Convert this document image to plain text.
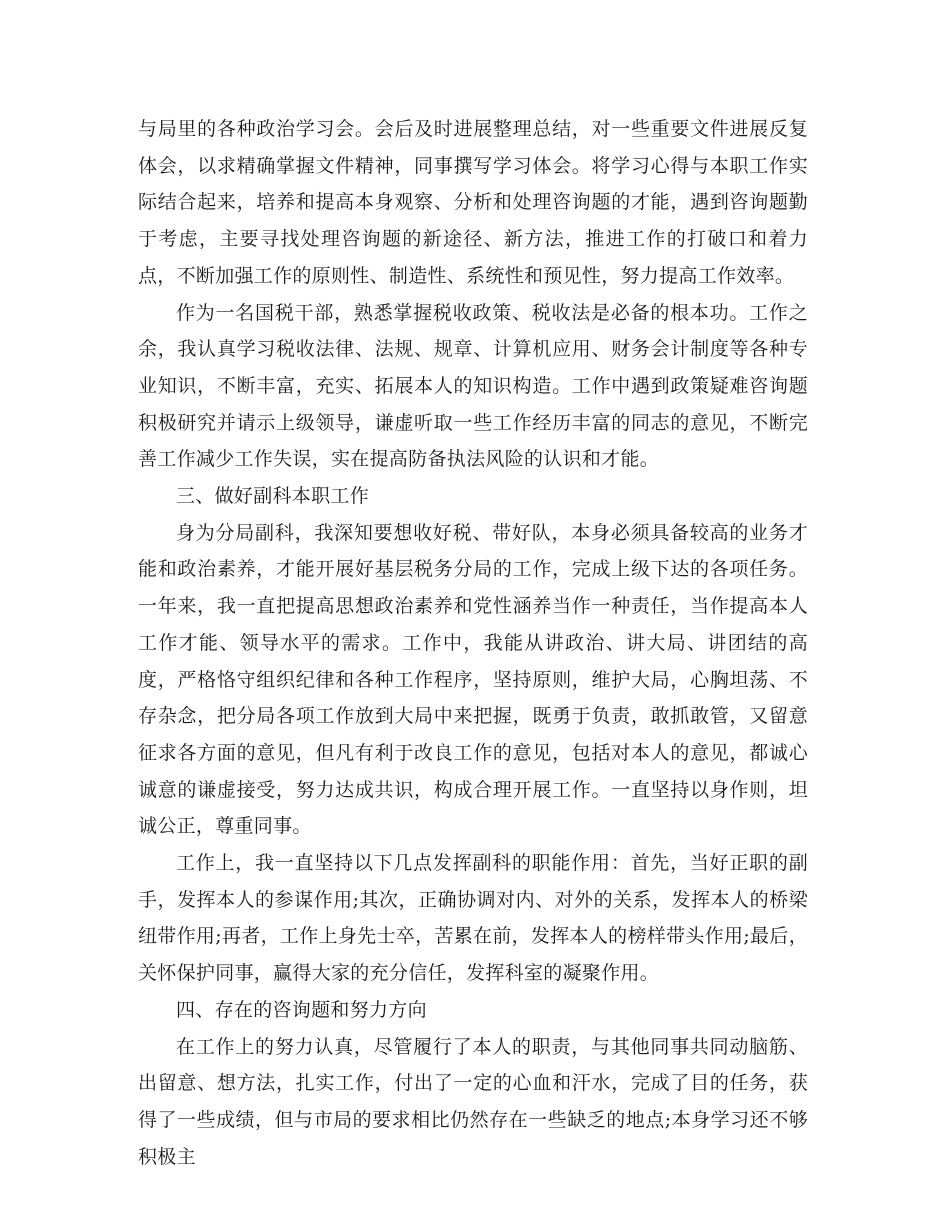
与局里的各种政治学习会。会后及时进展整理总结，对一些重要文件进展反复体会，以求精确掌握文件精神，同事撰写学习体会。将学习心得与本职工作实际结合起来，培养和提高本身观察、分析和处理咨询题的才能，遇到咨询题勤于考虑，主要寻找处理咨询题的新途径、新方法，推进工作的打破口和着力点，不断加强工作的原则性、制造性、系统性和预见性，努力提高工作效率。

作为一名国税干部，熟悉掌握税收政策、税收法是必备的根本功。工作之余，我认真学习税收法律、法规、规章、计算机应用、财务会计制度等各种专业知识，不断丰富，充实、拓展本人的知识构造。工作中遇到政策疑难咨询题积极研究并请示上级领导，谦虚听取一些工作经历丰富的同志的意见，不断完善工作减少工作失误，实在提高防备执法风险的认识和才能。

三、做好副科本职工作

身为分局副科，我深知要想收好税、带好队，本身必须具备较高的业务才能和政治素养，才能开展好基层税务分局的工作，完成上级下达的各项任务。一年来，我一直把提高思想政治素养和党性涵养当作一种责任，当作提高本人工作才能、领导水平的需求。工作中，我能从讲政治、讲大局、讲团结的高度，严格恪守组织纪律和各种工作程序，坚持原则，维护大局，心胸坦荡、不存杂念，把分局各项工作放到大局中来把握，既勇于负责，敢抓敢管，又留意征求各方面的意见，但凡有利于改良工作的意见，包括对本人的意见，都诚心诚意的谦虚接受，努力达成共识，构成合理开展工作。一直坚持以身作则，坦诚公正，尊重同事。

工作上，我一直坚持以下几点发挥副科的职能作用：首先，当好正职的副手，发挥本人的参谋作用;其次，正确协调对内、对外的关系，发挥本人的桥梁纽带作用;再者，工作上身先士卒，苦累在前，发挥本人的榜样带头作用;最后，关怀保护同事，赢得大家的充分信任，发挥科室的凝聚作用。

四、存在的咨询题和努力方向

在工作上的努力认真，尽管履行了本人的职责，与其他同事共同动脑筋、出留意、想方法，扎实工作，付出了一定的心血和汗水，完成了目的任务，获得了一些成绩，但与市局的要求相比仍然存在一些缺乏的地点;本身学习还不够积极主
